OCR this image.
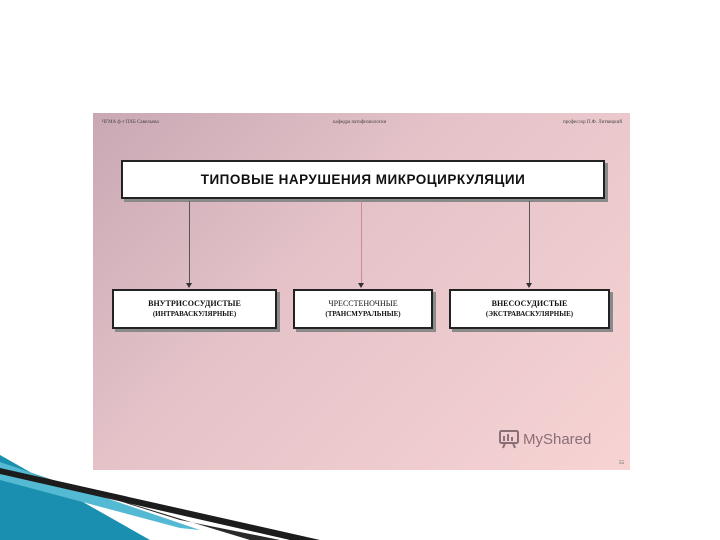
ЧГМА ф-т ПХБ Савельева	кафедра патофизиологии	профессор П.Ф. Литвицкий
ТИПОВЫЕ НАРУШЕНИЯ МИКРОЦИРКУЛЯЦИИ
ВНУТРИСОСУДИСТЫЕ
(ИНТРАВАСКУЛЯРНЫЕ)
ЧРЕССТЕНОЧНЫЕ
(ТРАНСМУРАЛЬНЫЕ)
ВНЕСОСУДИСТЫЕ
(ЭКСТРАВАСКУЛЯРНЫЕ)
MyShared
55
